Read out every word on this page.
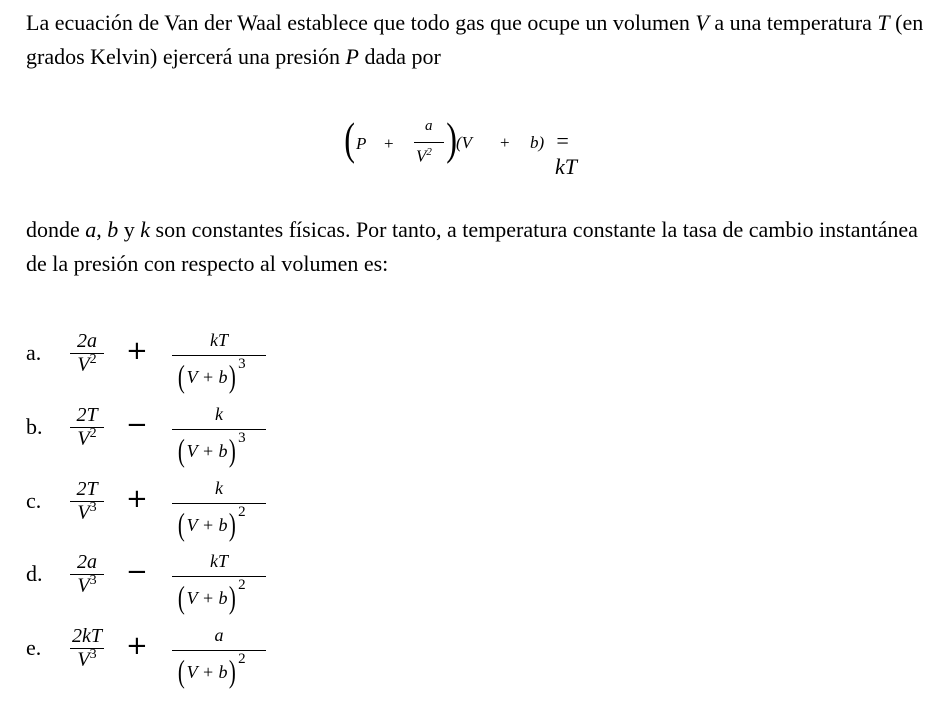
La ecuación de Van der Waal establece que todo gas que ocupe un volumen V a una temperatura T (en grados Kelvin) ejercerá una presión P dada por
( P +
a
$V^2$ )
(V + b) = kT
donde a, b y k son constantes físicas. Por tanto, a temperatura constante la tasa de cambio instantánea de la presión con respecto al volumen es:
a.	2a
$V^2$	+	kT
( V + b) $^3$
b.	2T
$V^2$	−	k
( V + b) $^3$
c.	2T
$V^3$	+	k
( V + b) $^2$
d.	2a
$V^3$	−	kT
( V + b) $^2$
e.	2kT
$V^3$	+	a
( V + b) $^2$
